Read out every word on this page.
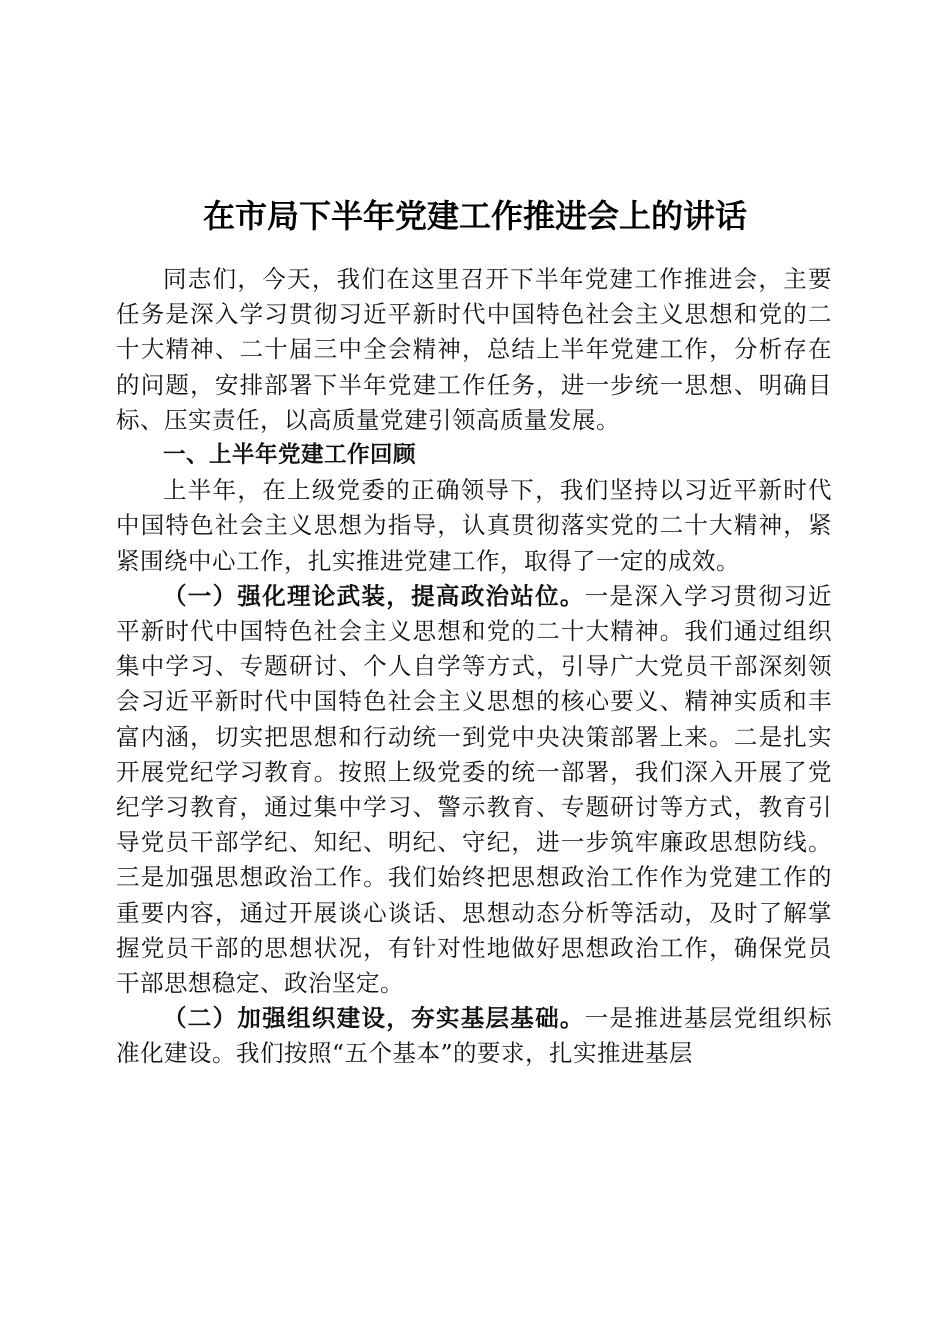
在市局下半年党建工作推进会上的讲话

同志们，今天，我们在这里召开下半年党建工作推进会，主要任务是深入学习贯彻习近平新时代中国特色社会主义思想和党的二十大精神、二十届三中全会精神，总结上半年党建工作，分析存在的问题，安排部署下半年党建工作任务，进一步统一思想、明确目标、压实责任，以高质量党建引领高质量发展。

一、上半年党建工作回顾

上半年，在上级党委的正确领导下，我们坚持以习近平新时代中国特色社会主义思想为指导，认真贯彻落实党的二十大精神，紧紧围绕中心工作，扎实推进党建工作，取得了一定的成效。

（一）强化理论武装，提高政治站位。一是深入学习贯彻习近平新时代中国特色社会主义思想和党的二十大精神。我们通过组织集中学习、专题研讨、个人自学等方式，引导广大党员干部深刻领会习近平新时代中国特色社会主义思想的核心要义、精神实质和丰富内涵，切实把思想和行动统一到党中央决策部署上来。二是扎实开展党纪学习教育。按照上级党委的统一部署，我们深入开展了党纪学习教育，通过集中学习、警示教育、专题研讨等方式，教育引导党员干部学纪、知纪、明纪、守纪，进一步筑牢廉政思想防线。三是加强思想政治工作。我们始终把思想政治工作作为党建工作的重要内容，通过开展谈心谈话、思想动态分析等活动，及时了解掌握党员干部的思想状况，有针对性地做好思想政治工作，确保党员干部思想稳定、政治坚定。

（二）加强组织建设，夯实基层基础。一是推进基层党组织标准化建设。我们按照“五个基本”的要求，扎实推进基层
